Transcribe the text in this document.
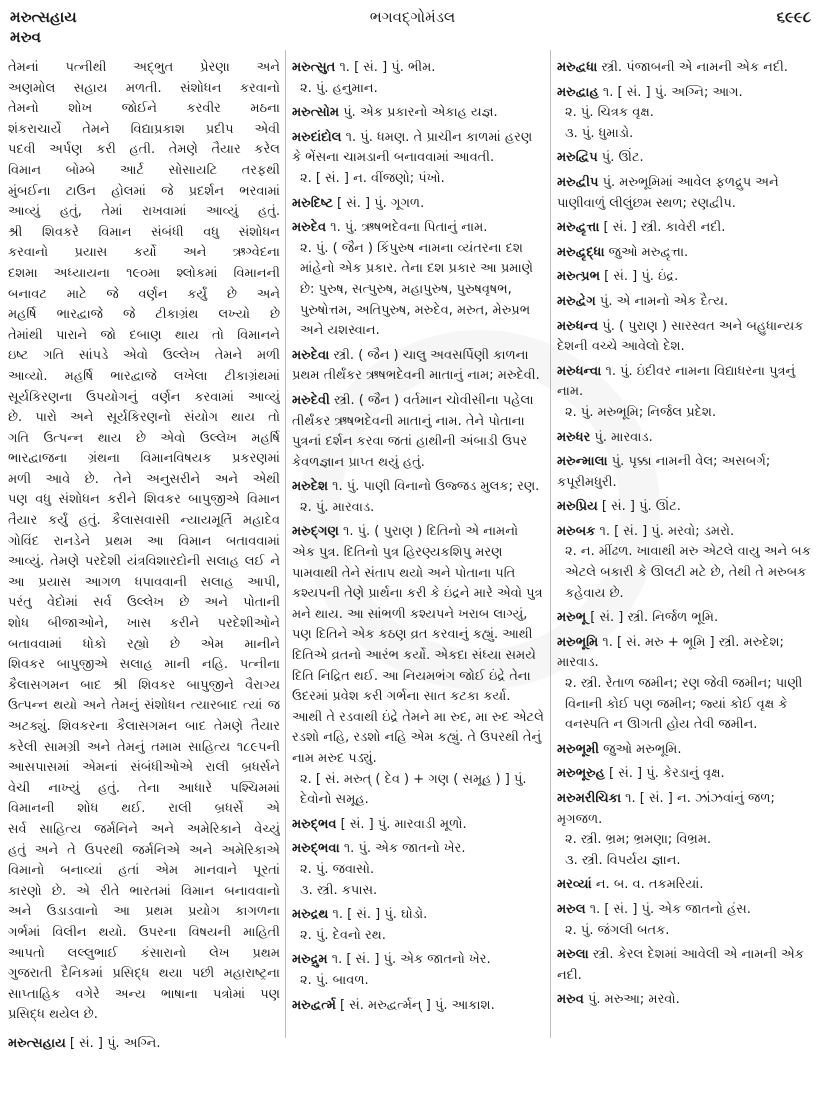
મરુત્સહાય
મરુવ
ભગવદ્ગોમંડલ	૬૯૯૮
તેમનાં પત્નીથી અદ્ભુત પ્રેરણા અને
અણમોલ સહાય મળતી. સંશોધન કરવાનો
તેમનો શોખ જોઈને કરવીર મઠના
શંકરાચાર્યે તેમને વિદ્યાપ્રકાશ પ્રદીપ એવી
પદવી અર્પણ કરી હતી. તેમણે તૈયાર કરેલ
વિમાન બોમ્બે આર્ટ સોસાયટિ તરફથી
મુંબઈના ટાઉન હોલમાં જે પ્રદર્શન ભરવામાં
આવ્યું હતું, તેમાં રાખવામાં આવ્યું હતું.
શ્રી શિવકરે વિમાન સંબંધી વધુ સંશોધન
કરવાનો પ્રયાસ કર્યો અને ઋગ્વેદના
દશમા અધ્યાયના ૧૯૦મા શ્લોકમાં વિમાનની
બનાવટ માટે જે વર્ણન કર્યું છે અને
મહર્ષિ ભારદ્વાજે જે ટીકાગ્રંથ લખ્યો છે
તેમાંથી પારાને જો દબાણ થાય તો વિમાનને
ઇષ્ટ ગતિ સાંપડે એવો ઉલ્લેખ તેમને મળી
આવ્યો. મહર્ષિ ભારદ્વાજે લખેલા ટીકાગ્રંથમાં
સૂર્યકિરણના ઉપયોગનું વર્ણન કરવામાં આવ્યું
છે. પારો અને સૂર્યકિરણનો સંયોગ થાય તો
ગતિ ઉત્પન્ન થાય છે એવો ઉલ્લેખ મહર્ષિ
ભારદ્વાજના ગ્રંથના વિમાનવિષયક પ્રકરણમાં
મળી આવે છે. તેને અનુસરીને અને એથી
પણ વધુ સંશોધન કરીને શિવકર બાપુજીએ વિમાન
તૈયાર કર્યું હતું. કૈલાસવાસી ન્યાયમૂર્તિ મહાદેવ
ગોવિંદ રાનડેને પ્રથમ આ વિમાન બતાવવામાં
આવ્યું. તેમણે પરદેશી યંત્રવિશારદોની સલાહ લઈ ને
આ પ્રયાસ આગળ ધપાવવાની સલાહ આપી,
પરંતુ વેદોમાં સર્વ ઉલ્લેખ છે અને પોતાની
શોધ બીજાઓને, ખાસ કરીને પરદેશીઓને
બતાવવામાં ધોકો રહ્યો છે એમ માનીને
શિવકર બાપુજીએ સલાહ માની નહિ. પત્નીના
કૈલાસગમન બાદ શ્રી શિવકર બાપુજીને વૈરાગ્ય
ઉત્પન્ન થયો અને તેમનું સંશોધન ત્યારબાદ ત્યાં જ
અટક્યું. શિવકરના કૈલાસગમન બાદ તેમણે તૈયાર
કરેલી સામગ્રી અને તેમનું તમામ સાહિત્ય ૧૮૯૫ની
આસપાસમાં એમનાં સંબંધીઓએ રાલી બ્રધર્સને
વેચી નાખ્યું હતું. તેના આધારે પશ્ચિમમાં
વિમાનની શોધ થઈ. રાલી બ્રધર્સે એ
સર્વ સાહિત્ય જર્મનિને અને અમેરિકાને વેચ્યું
હતું અને તે ઉપરથી જર્મનિએ અને અમેરિકાએ
વિમાનો બનાવ્યાં હતાં એમ માનવાને પૂરતાં
કારણો છે. એ રીતે ભારતમાં વિમાન બનાવવાનો
અને ઉડાડવાનો આ પ્રથમ પ્રયોગ કાગળના
ગર્ભમાં વિલીન થયો. ઉપરના વિષયની માહિતી
આપતો લલ્લુભાઈ કંસારાનો લેખ પ્રથમ
ગુજરાતી દૈનિકમાં પ્રસિદ્ધ થયા પછી મહારાષ્ટ્રના
સાપ્તાહિક વગેરે અન્ય ભાષાના પત્રોમાં પણ
પ્રસિદ્ધ થયેલ છે.
મરુત્સહાય [ સં. ] પું. અગ્નિ.
મરુત્સુત ૧. [ સં. ] પું. ભીમ.
૨. પું. હનુમાન.
મરુત્સોમ પું. એક પ્રકારનો એકાહ યજ્ઞ.
મરુદાંદોલ ૧. પું. ધમણ. તે પ્રાચીન કાળમાં હરણ કે ભેંસના ચામડાની બનાવવામાં આવતી.
૨. [ સં. ] ન. વીંજણો; પંખો.
મરુદિષ્ટ [ સં. ] પું. ગૂગળ.
મરુદેવ ૧. પું. ઋષભદેવના પિતાનું નામ.
૨. પું. ( જૈન ) કિંપુરુષ નામના વ્યંતરના દશ માંહેનો એક પ્રકાર. તેના દશ પ્રકાર આ પ્રમાણે છે: પુરુષ, સત્પુરુષ, મહાપુરુષ, પુરુષવૃષભ, પુરુષોત્તમ, અતિપુરુષ, મરુદેવ, મરુત, મેરુપ્રભ અને યશસ્વાન.
મરુદેવા સ્ત્રી. ( જૈન ) ચાલુ અવસર્પિણી કાળના પ્રથમ તીર્થંકર ઋષભદેવની માતાનું નામ; મરુદેવી.
મરુદેવી સ્ત્રી. ( જૈન ) વર્તમાન ચોવીસીના પહેલા તીર્થંકર ઋષભદેવની માતાનું નામ. તેને પોતાના પુત્રનાં દર્શન કરવા જતાં હાથીની અંબાડી ઉપર કેવળજ્ઞાન પ્રાપ્ત થયું હતું.
મરુદેશ ૧. પું. પાણી વિનાનો ઉજ્જડ મુલક; રણ.
૨. પું. મારવાડ.
મરુદ્ગણ ૧. પું. ( પુરાણ ) દિતિનો એ નામનો એક પુત્ર. દિતિનો પુત્ર હિરણ્યકશિપુ મરણ પામવાથી તેને સંતાપ થયો અને પોતાના પતિ કશ્યપની તેણે પ્રાર્થના કરી કે ઇંદ્રને મારે એવો પુત્ર મને થાય. આ સાંભળી કશ્યપને ખરાબ લાગ્યું, પણ દિતિને એક કઠણ વ્રત કરવાનું કહ્યું. આથી દિતિએ વ્રતનો આરંભ કર્યો. એકદા સંધ્યા સમયે દિતિ નિદ્રિત થઈ. આ નિયમભંગ જોઈ ઇંદ્રે તેના ઉદરમાં પ્રવેશ કરી ગર્ભના સાત કટકા કર્યા. આથી તે રડવાથી ઇંદ્રે તેમને મા રુદ, મા રુદ એટલે રડશો નહિ, રડશો નહિ એમ કહ્યું. તે ઉપરથી તેનું નામ મરુદ પડ્યું.
૨. [ સં. મરુત્ ( દેવ ) + ગણ ( સમૂહ ) ] પું. દેવોનો સમૂહ.
મરુદ્ભવ [ સં. ] પું. મારવાડી મૂળો.
મરુદ્ભવા ૧. પું. એક જાતનો ખેર.
૨. પું. જવાસો.
૩. સ્ત્રી. કપાસ.
મરુદ્રથ ૧. [ સં. ] પું. ઘોડો.
૨. પું. દેવનો રથ.
મરુદ્રુમ ૧. [ સં. ] પું. એક જાતનો ખેર.
૨. પું. બાવળ.
મરુદ્વર્ત્મ [ સં. મરુદ્વર્ત્મન્ ] પું. આકાશ.
મરુદ્વધા સ્ત્રી. પંજાબની એ નામની એક નદી.
મરુદ્વાહ ૧. [ સં. ] પું. અગ્નિ; આગ.
૨. પું. ચિત્રક વૃક્ષ.
૩. પું. ધુમાડો.
મરુદ્વિપ પું. ઊંટ.
મરુદ્વીપ પું. મરુભૂમિમાં આવેલ ફળદ્રુપ અને પાણીવાળું લીલુંછમ સ્થળ; રણદ્વીપ.
મરુદ્વૃત્તા [ સં. ] સ્ત્રી. કાવેરી નદી.
મરુદ્વૃદ્ધા જુઓ મરુદ્વૃત્તા.
મરુત્પ્રભ [ સં. ] પું. ઇંદ્ર.
મરુદ્વેગ પું. એ નામનો એક દૈત્ય.
મરુધન્વ પું. ( પુરાણ ) સારસ્વત અને બહુધાન્યક દેશની વચ્ચે આવેલો દેશ.
મરુધન્વા ૧. પું. ઇંદીવર નામના વિદ્યાધરના પુત્રનું નામ.
૨. પું. મરુભૂમિ; નિર્જલ પ્રદેશ.
મરુધર પું. મારવાડ.
મરુન્માલા પું. પૃક્કા નામની વેલ; અસબર્ગ; કપૂરીમધુરી.
મરુપ્રિય [ સં. ] પું. ઊંટ.
મરુબક ૧. [ સં. ] પું. મરવો; ડમરો.
૨. ન. મીંઢળ. ખાવાથી મરુ એટલે વાયુ અને બક એટલે બકારી કે ઊલટી મટે છે, તેથી તે મરુબક કહેવાય છે.
મરુભૂ [ સં. ] સ્ત્રી. નિર્જળ ભૂમિ.
મરુભૂમિ ૧. [ સં. મરુ + ભૂમિ ] સ્ત્રી. મરુદેશ; મારવાડ.
૨. સ્ત્રી. રેતાળ જમીન; રણ જેવી જમીન; પાણી વિનાની કોઈ પણ જમીન; જ્યાં કોઈ વૃક્ષ કે વનસ્પતિ ન ઊગતી હોય તેવી જમીન.
મરુભૂમી જુઓ મરુભૂમિ.
મરુભૂરુહ [ સં. ] પું. કેરડાનું વૃક્ષ.
મરુમરીચિકા ૧. [ સં. ] ન. ઝાંઝવાંનું જળ; મૃગજળ.
૨. સ્ત્રી. ભ્રમ; ભ્રમણા; વિભ્રમ.
૩. સ્ત્રી. વિપર્યય જ્ઞાન.
મરવ્યાં ન. બ. વ. તકમરિયાં.
મરુલ ૧. [ સં. ] પું. એક જાતનો હંસ.
૨. પું. જંગલી બતક.
મરુલા સ્ત્રી. કેરલ દેશમાં આવેલી એ નામની એક નદી.
મરુવ પું. મરુઆ; મરવો.
